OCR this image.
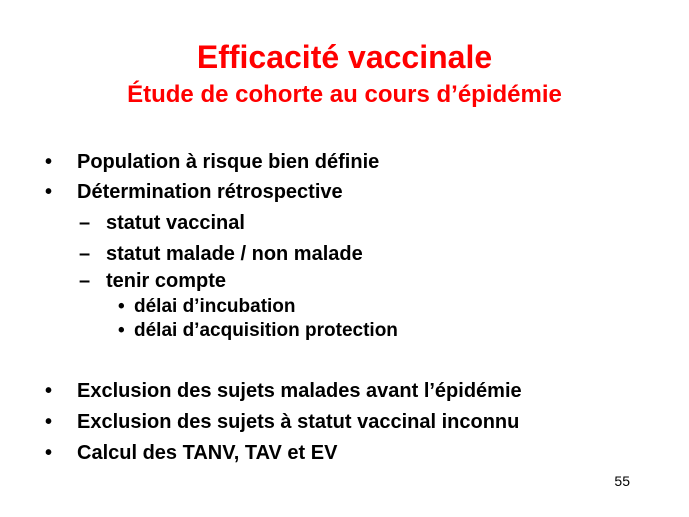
Efficacité vaccinale
Étude de cohorte au cours d’épidémie
• Population à risque bien définie
• Détermination rétrospective
– statut vaccinal
– statut malade / non malade
– tenir compte
• délai d’incubation
• délai d’acquisition protection
• Exclusion des sujets malades avant l’épidémie
• Exclusion des sujets à statut vaccinal inconnu
• Calcul des TANV, TAV et EV
55
